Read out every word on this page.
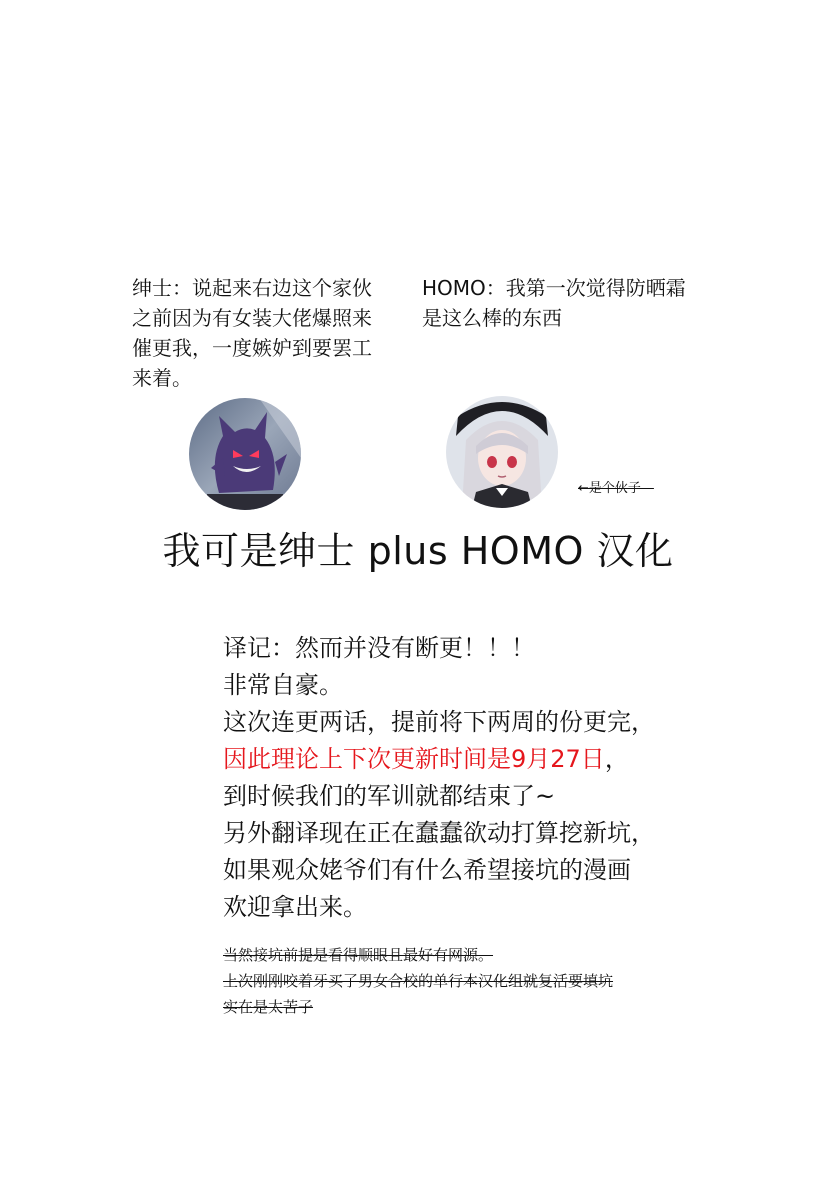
绅士：说起来右边这个家伙
之前因为有女装大佬爆照来
催更我，一度嫉妒到要罢工
来着。
HOMO：我第一次觉得防晒霜
是这么棒的东西
←是个伙子—
我可是绅士 plus HOMO 汉化
译记：然而并没有断更！！！
非常自豪。
这次连更两话，提前将下两周的份更完，
因此理论上下次更新时间是9月27日，
到时候我们的军训就都结束了~
另外翻译现在正在蠢蠢欲动打算挖新坑，
如果观众姥爷们有什么希望接坑的漫画
欢迎拿出来。
当然接坑前提是看得顺眼且最好有网源。
上次刚刚咬着牙买了男女合校的单行本汉化组就复活要填坑
实在是太苦子
